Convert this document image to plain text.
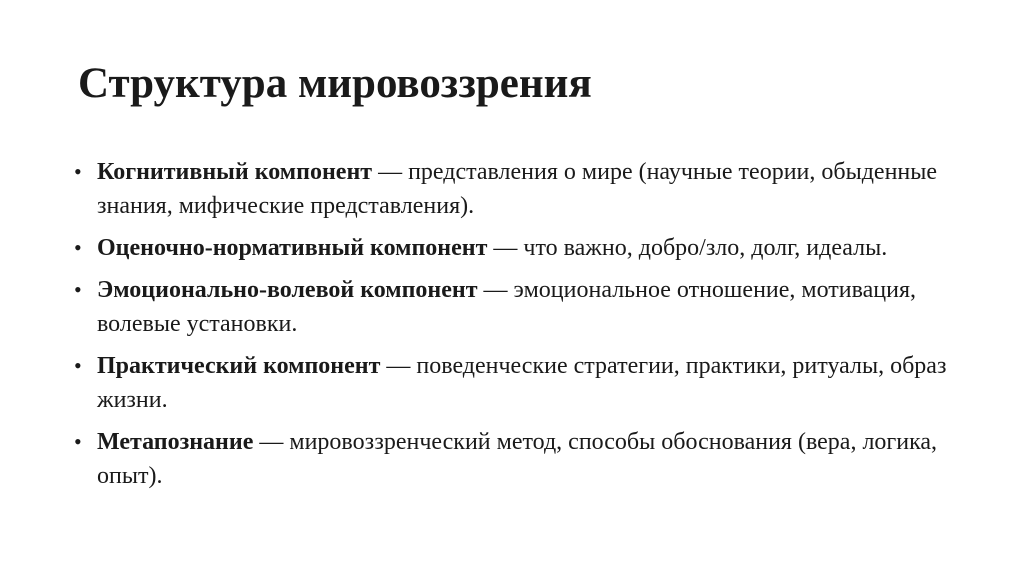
Структура мировоззрения
• Когнитивный компонент — представления о мире (научные теории, обыденные знания, мифические представления).
• Оценочно-нормативный компонент — что важно, добро/зло, долг, идеалы.
• Эмоционально-волевой компонент — эмоциональное отношение, мотивация, волевые установки.
• Практический компонент — поведенческие стратегии, практики, ритуалы, образ жизни.
• Метапознание — мировоззренческий метод, способы обоснования (вера, логика, опыт).
